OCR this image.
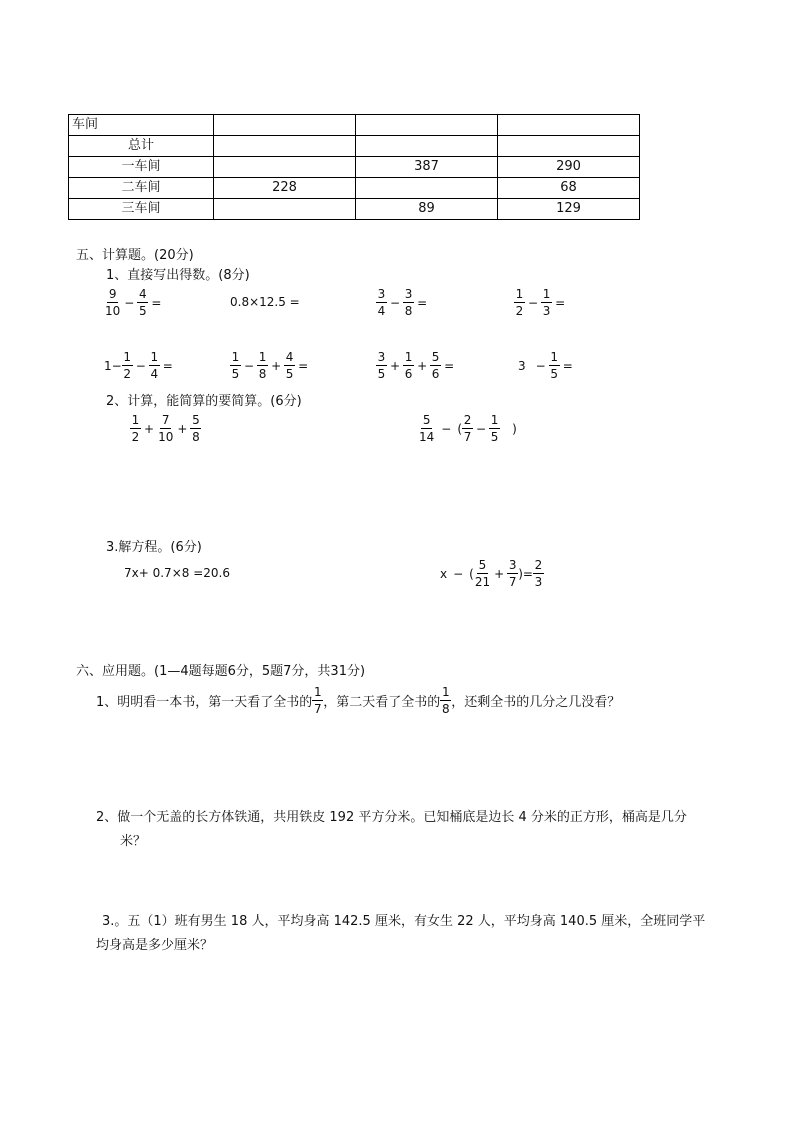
车间			
总计			
一车间		387	290
二车间	228		68
三车间		89	129
五、计算题。(20分)
1、直接写出得数。(8分)
$\frac{9}{10} - \frac{4}{5}$ =	0.8×12.5 =	$\frac{3}{4} - \frac{3}{8}$ =	$\frac{1}{2} - \frac{1}{3}$ =
$1- \frac{1}{2} - \frac{1}{4}$ =	$\frac{1}{5} - \frac{1}{8} + \frac{4}{5}$ =	$\frac{3}{5} + \frac{1}{6} + \frac{5}{6}$ =	$3 - \frac{1}{5}$ =
2、计算，能简算的要简算。(6分)
$\frac{1}{2} + \frac{7}{10} + \frac{5}{8}$	$\frac{5}{14}$ − ( $\frac{2}{7} - \frac{1}{5}$ )
3.解方程。(6分)
7x+ 0.7×8 =20.6	x − ( $\frac{5}{21} + \frac{3}{7}$ )= $\frac{2}{3}$
六、应用题。(1—4题每题6分，5题7分，共31分)
1、明明看一本书，第一天看了全书的 $\frac{1}{7}$ ，第二天看了全书的 $\frac{1}{8}$ ，还剩全书的几分之几没看？
2、做一个无盖的长方体铁通，共用铁皮 192 平方分米。已知桶底是边长 4 分米的正方形，桶高是几分
米？
3.。五（1）班有男生 18 人，平均身高 142.5 厘米，有女生 22 人，平均身高 140.5 厘米，全班同学平
均身高是多少厘米？
